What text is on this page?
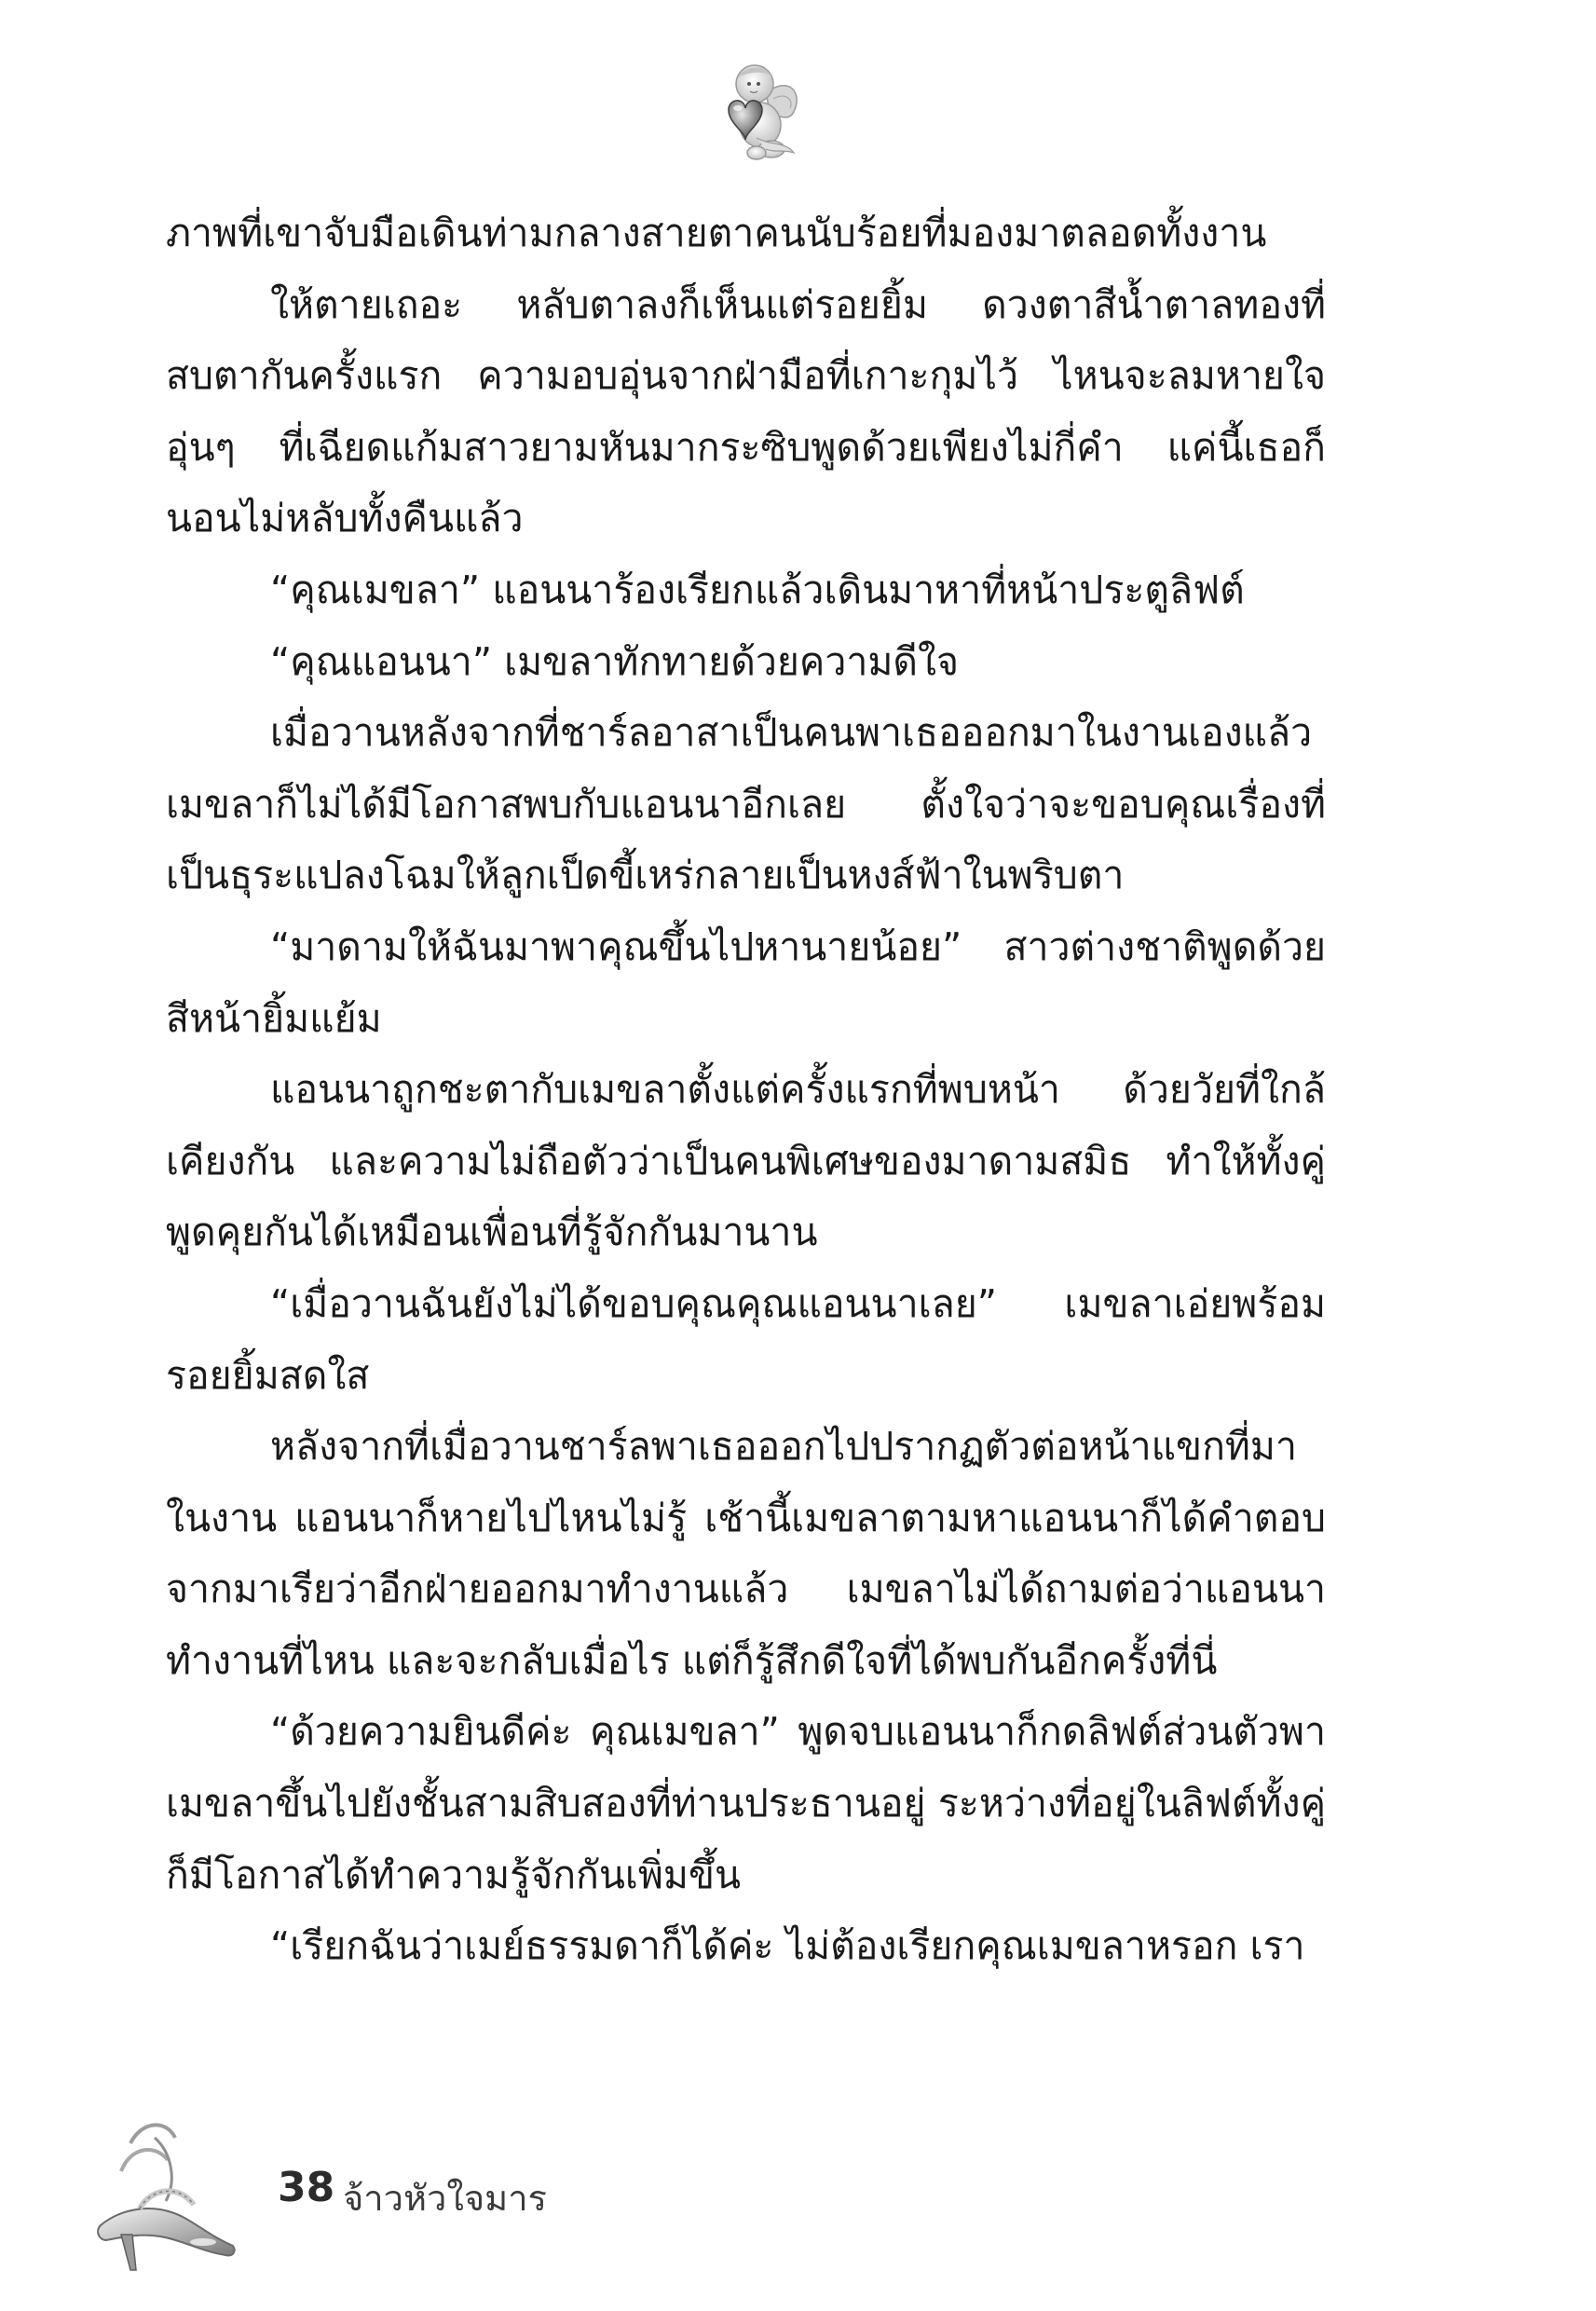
ภาพที่เขาจับมือเดินท่ามกลางสายตาคนนับร้อยที่มองมาตลอดทั้งงาน

ให้ตายเถอะ หลับตาลงก็เห็นแต่รอยยิ้ม ดวงตาสีน้ำตาลทองที่สบตากันครั้งแรก ความอบอุ่นจากฝ่ามือที่เกาะกุมไว้ ไหนจะลมหายใจอุ่นๆ ที่เฉียดแก้มสาวยามหันมากระซิบพูดด้วยเพียงไม่กี่คำ แค่นี้เธอก็นอนไม่หลับทั้งคืนแล้ว

“คุณเมขลา” แอนนาร้องเรียกแล้วเดินมาหาที่หน้าประตูลิฟต์

“คุณแอนนา” เมขลาทักทายด้วยความดีใจ

เมื่อวานหลังจากที่ชาร์ลอาสาเป็นคนพาเธอออกมาในงานเองแล้ว เมขลาก็ไม่ได้มีโอกาสพบกับแอนนาอีกเลย ตั้งใจว่าจะขอบคุณเรื่องที่เป็นธุระแปลงโฉมให้ลูกเป็ดขี้เหร่กลายเป็นหงส์ฟ้าในพริบตา

“มาดามให้ฉันมาพาคุณขึ้นไปหานายน้อย” สาวต่างชาติพูดด้วยสีหน้ายิ้มแย้ม

แอนนาถูกชะตากับเมขลาตั้งแต่ครั้งแรกที่พบหน้า ด้วยวัยที่ใกล้เคียงกัน และความไม่ถือตัวว่าเป็นคนพิเศษของมาดามสมิธ ทำให้ทั้งคู่พูดคุยกันได้เหมือนเพื่อนที่รู้จักกันมานาน

“เมื่อวานฉันยังไม่ได้ขอบคุณคุณแอนนาเลย” เมขลาเอ่ยพร้อมรอยยิ้มสดใส

หลังจากที่เมื่อวานชาร์ลพาเธอออกไปปรากฏตัวต่อหน้าแขกที่มาในงาน แอนนาก็หายไปไหนไม่รู้ เช้านี้เมขลาตามหาแอนนาก็ได้คำตอบจากมาเรียว่าอีกฝ่ายออกมาทำงานแล้ว เมขลาไม่ได้ถามต่อว่าแอนนาทำงานที่ไหน และจะกลับเมื่อไร แต่ก็รู้สึกดีใจที่ได้พบกันอีกครั้งที่นี่

“ด้วยความยินดีค่ะ คุณเมขลา” พูดจบแอนนาก็กดลิฟต์ส่วนตัวพาเมขลาขึ้นไปยังชั้นสามสิบสองที่ท่านประธานอยู่ ระหว่างที่อยู่ในลิฟต์ทั้งคู่ก็มีโอกาสได้ทำความรู้จักกันเพิ่มขึ้น

“เรียกฉันว่าเมย์ธรรมดาก็ได้ค่ะ ไม่ต้องเรียกคุณเมขลาหรอก เรา

38 จ้าวหัวใจมาร
